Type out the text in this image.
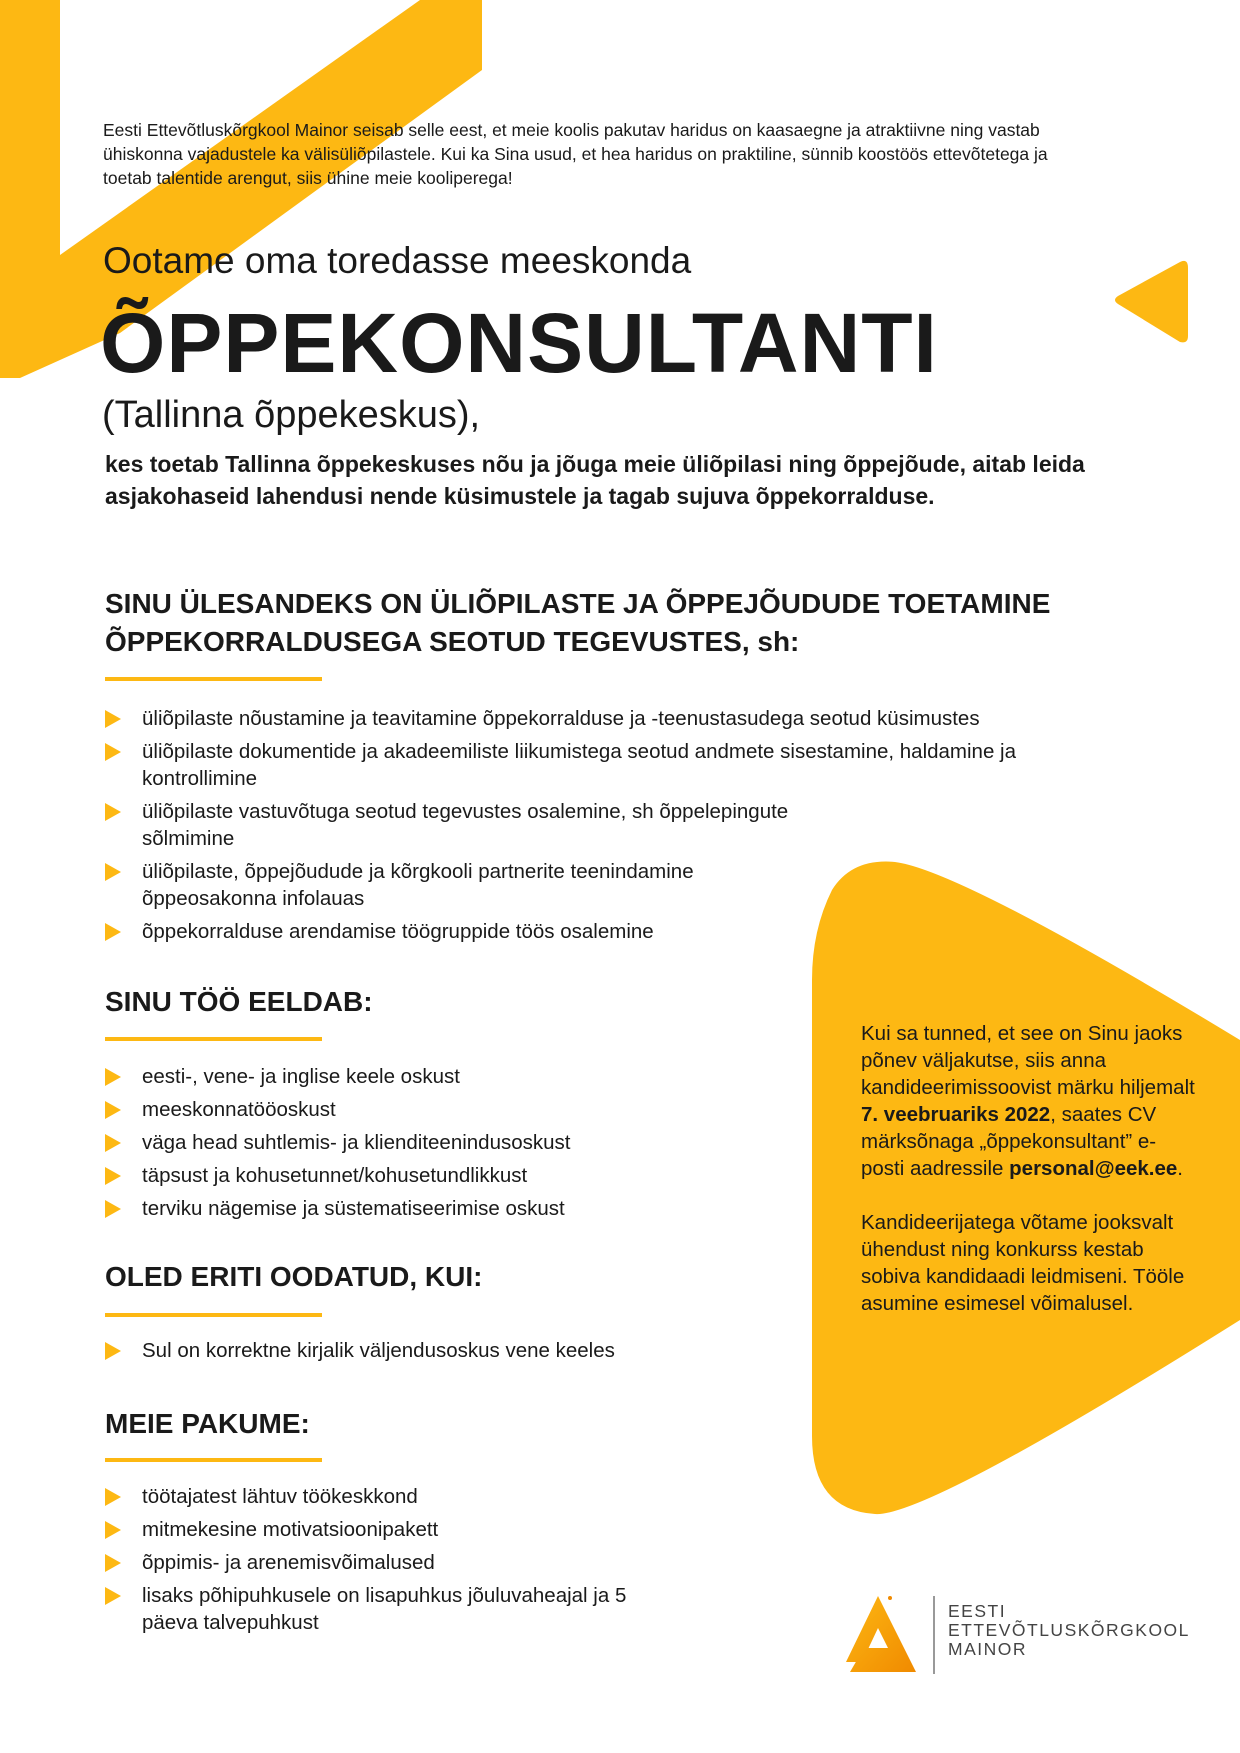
Eesti Ettevõtluskõrgkool Mainor seisab selle eest, et meie koolis pakutav haridus on kaasaegne ja atraktiivne ning vastab ühiskonna vajadustele ka välisüliõpilastele. Kui ka Sina usud, et hea haridus on praktiline, sünnib koostöös ettevõtetega ja toetab talentide arengut, siis ühine meie kooliperega!
Ootame oma toredasse meeskonda
ÕPPEKONSULTANTI
(Tallinna õppekeskus),
kes toetab Tallinna õppekeskuses nõu ja jõuga meie üliõpilasi ning õppejõude, aitab leida asjakohaseid lahendusi nende küsimustele ja tagab sujuva õppekorralduse.
SINU ÜLESANDEKS ON ÜLIÕPILASTE JA ÕPPEJÕUDUDE TOETAMINE ÕPPEKORRALDUSEGA SEOTUD TEGEVUSTES, sh:
üliõpilaste nõustamine ja teavitamine õppekorralduse ja -teenustasudega seotud küsimustes
üliõpilaste dokumentide ja akadeemiliste liikumistega seotud andmete sisestamine, haldamine ja kontrollimine
üliõpilaste vastuvõtuga seotud tegevustes osalemine, sh õppelepingute sõlmimine
üliõpilaste, õppejõudude ja kõrgkooli partnerite teenindamine õppeosakonna infolauas
õppekorralduse arendamise töögruppide töös osalemine
SINU TÖÖ EELDAB:
eesti-, vene- ja inglise keele oskust
meeskonnatööoskust
väga head suhtlemis- ja klienditeenindusoskust
täpsust ja kohusetunnet/kohusetundlikkust
terviku nägemise ja süstematiseerimise oskust
OLED ERITI OODATUD, KUI:
Sul on korrektne kirjalik väljendusoskus vene keeles
MEIE PAKUME:
töötajatest lähtuv töökeskkond
mitmekesine motivatsioonipakett
õppimis- ja arenemisvõimalused
lisaks põhipuhkusele on lisapuhkus jõuluvaheajal ja 5 päeva talvepuhkust

Kui sa tunned, et see on Sinu jaoks põnev väljakutse, siis anna kandideerimissoovist märku hiljemalt 7. veebruariks 2022, saates CV märksõnaga „õppekonsultant” e-posti aadressile personal@eek.ee.

Kandideerijatega võtame jooksvalt ühendust ning konkurss kestab sobiva kandidaadi leidmiseni. Tööle asumine esimesel võimalusel.

EESTI
ETTEVÕTLUSKÕRGKOOL
MAINOR
